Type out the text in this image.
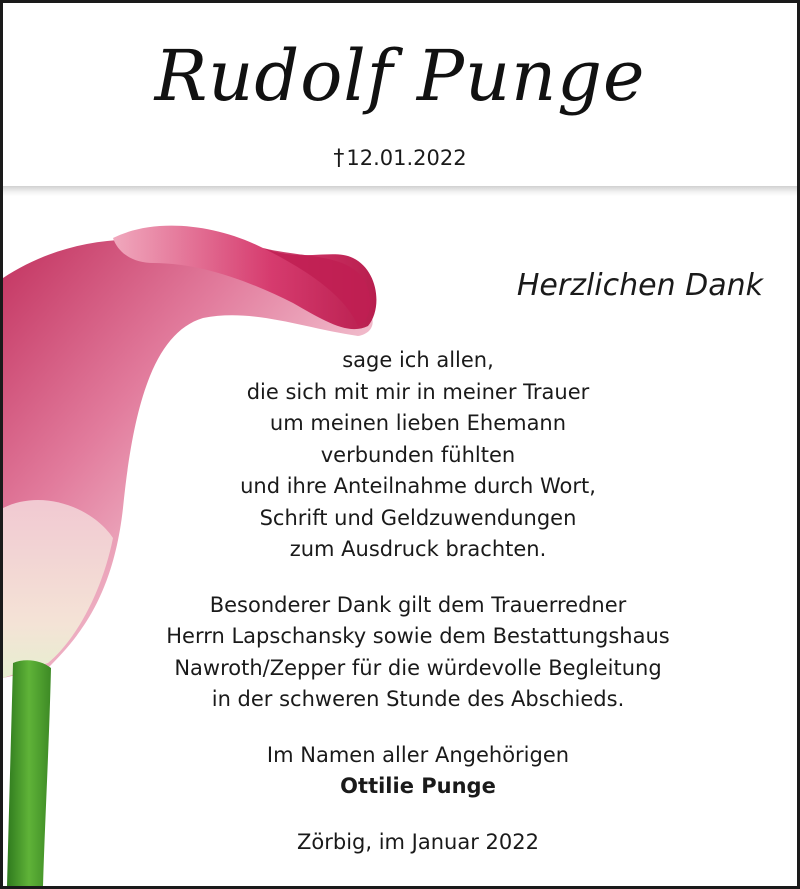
Rudolf Punge
†12.01.2022
Herzlichen Dank
sage ich allen,
die sich mit mir in meiner Trauer
um meinen lieben Ehemann
verbunden fühlten
und ihre Anteilnahme durch Wort,
Schrift und Geldzuwendungen
zum Ausdruck brachten.
Besonderer Dank gilt dem Trauerredner
Herrn Lapschansky sowie dem Bestattungshaus
Nawroth/Zepper für die würdevolle Begleitung
in der schweren Stunde des Abschieds.
Im Namen aller Angehörigen
Ottilie Punge
Zörbig, im Januar 2022
